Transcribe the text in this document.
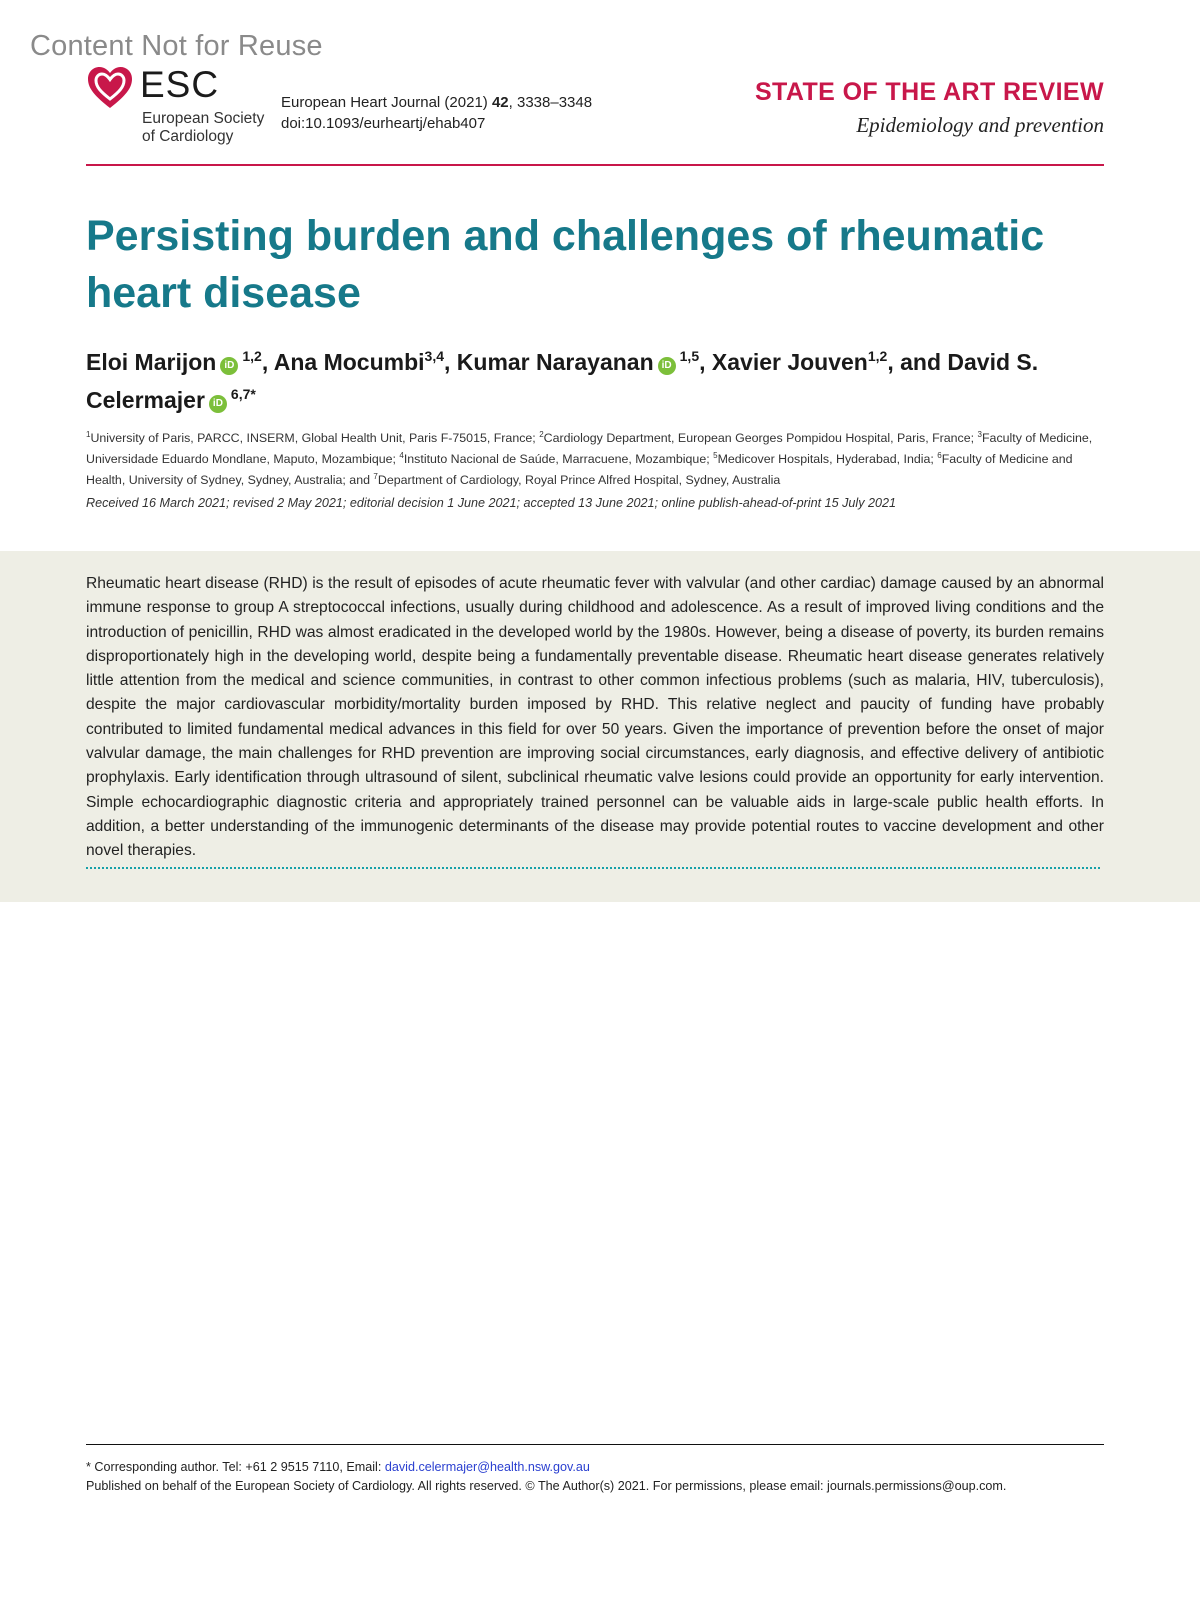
Content Not for Reuse
ESC
European Society
of Cardiology
European Heart Journal (2021) 42, 3338–3348
doi:10.1093/eurheartj/ehab407
STATE OF THE ART REVIEW
Epidemiology and prevention
Persisting burden and challenges of rheumatic heart disease
Eloi Marijon iD$^{1,2}$, Ana Mocumbi$^{3,4}$, Kumar Narayanan iD$^{1,5}$, Xavier Jouven$^{1,2}$, and David S. Celermajer $iD^{6,7*}$
$^1$University of Paris, PARCC, INSERM, Global Health Unit, Paris F-75015, France; $^2$Cardiology Department, European Georges Pompidou Hospital, Paris, France; $^3$Faculty of Medicine, Universidade Eduardo Mondlane, Maputo, Mozambique; $^4$Instituto Nacional de Saúde, Marracuene, Mozambique; $^5$Medicover Hospitals, Hyderabad, India; $^6$Faculty of Medicine and Health, University of Sydney, Sydney, Australia; and $^7$Department of Cardiology, Royal Prince Alfred Hospital, Sydney, Australia
Received 16 March 2021; revised 2 May 2021; editorial decision 1 June 2021; accepted 13 June 2021; online publish-ahead-of-print 15 July 2021
Rheumatic heart disease (RHD) is the result of episodes of acute rheumatic fever with valvular (and other cardiac) damage caused by an abnormal immune response to group A streptococcal infections, usually during childhood and adolescence. As a result of improved living conditions and the introduction of penicillin, RHD was almost eradicated in the developed world by the 1980s. However, being a disease of poverty, its burden remains disproportionately high in the developing world, despite being a fundamentally preventable disease. Rheumatic heart disease generates relatively little attention from the medical and science communities, in contrast to other common infectious problems (such as malaria, HIV, tuberculosis), despite the major cardiovascular morbidity/mortality burden imposed by RHD. This relative neglect and paucity of funding have probably contributed to limited fundamental medical advances in this field for over 50 years. Given the importance of prevention before the onset of major valvular damage, the main challenges for RHD prevention are improving social circumstances, early diagnosis, and effective delivery of antibiotic prophylaxis. Early identification through ultrasound of silent, subclinical rheumatic valve lesions could provide an opportunity for early intervention. Simple echocardiographic diagnostic criteria and appropriately trained personnel can be valuable aids in large-scale public health efforts. In addition, a better understanding of the immunogenic determinants of the disease may provide potential routes to vaccine development and other novel therapies.
* Corresponding author. Tel: +61 2 9515 7110, Email: david.celermajer@health.nsw.gov.au
Published on behalf of the European Society of Cardiology. All rights reserved. © The Author(s) 2021. For permissions, please email: journals.permissions@oup.com.
